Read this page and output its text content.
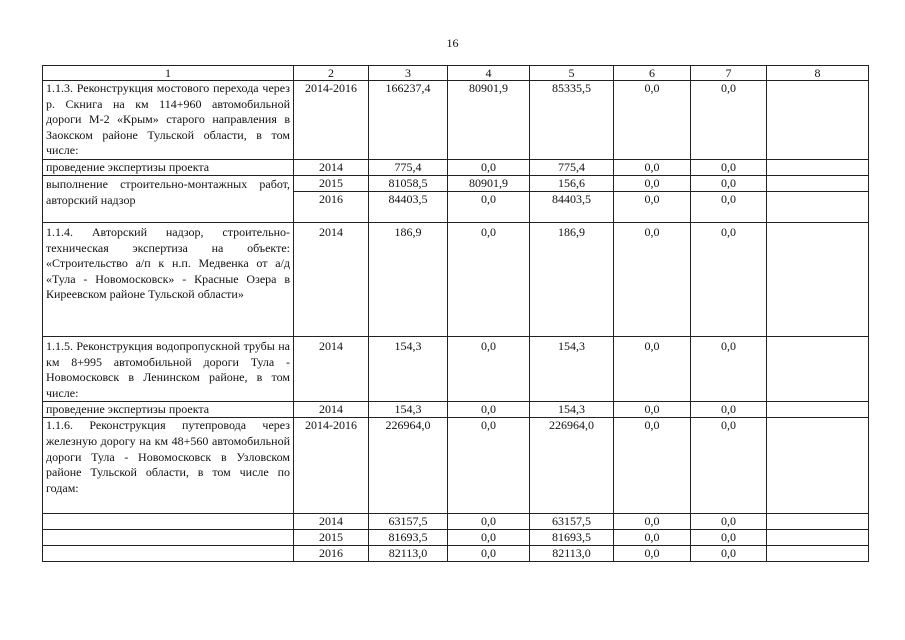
16
1	2	3	4	5	6	7	8
1.1.3. Реконструкция мостового перехода через р. Скнига на км 114+960 автомобильной дороги М-2 «Крым» старого направления в Заокском районе Тульской области, в том числе:	2014-2016	166237,4	80901,9	85335,5	0,0	0,0	
проведение экспертизы проекта	2014	775,4	0,0	775,4	0,0	0,0	
выполнение строительно-монтажных работ, авторский надзор	2015	81058,5	80901,9	156,6	0,0	0,0	
	2016	84403,5	0,0	84403,5	0,0	0,0	
1.1.4. Авторский надзор, строительно-техническая экспертиза на объекте: «Строительство а/п к н.п. Медвенка от а/д «Тула - Новомосковск» - Красные Озера в Киреевском районе Тульской области»	2014	186,9	0,0	186,9	0,0	0,0	
1.1.5. Реконструкция водопропускной трубы на км 8+995 автомобильной дороги Тула - Новомосковск в Ленинском районе, в том числе:	2014	154,3	0,0	154,3	0,0	0,0	
проведение экспертизы проекта	2014	154,3	0,0	154,3	0,0	0,0	
1.1.6. Реконструкция путепровода через железную дорогу на км 48+560 автомобильной дороги Тула - Новомосковск в Узловском районе Тульской области, в том числе по годам:	2014-2016	226964,0	0,0	226964,0	0,0	0,0	
	2014	63157,5	0,0	63157,5	0,0	0,0	
	2015	81693,5	0,0	81693,5	0,0	0,0	
	2016	82113,0	0,0	82113,0	0,0	0,0	
